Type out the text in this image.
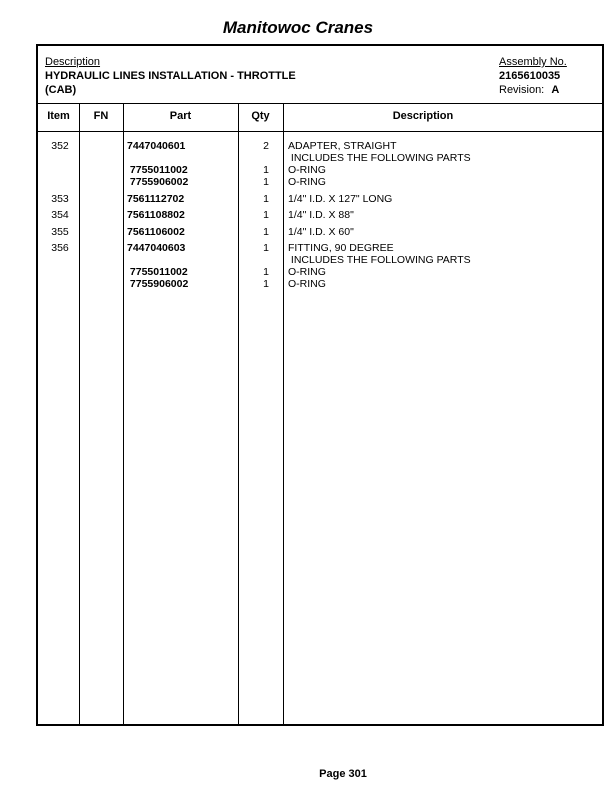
Manitowoc Cranes
Description
HYDRAULIC LINES INSTALLATION - THROTTLE
(CAB)
Assembly No.
2165610035
Revision: A
Item	FN	Part	Qty	Description
352	7447040601	2	ADAPTER, STRAIGHT
INCLUDES THE FOLLOWING PARTS
7755011002	1	O-RING
7755906002	1	O-RING
353	7561112702	1	1/4" I.D. X 127" LONG
354	7561108802	1	1/4" I.D. X 88"
355	7561106002	1	1/4" I.D. X 60"
356	7447040603	1	FITTING, 90 DEGREE
INCLUDES THE FOLLOWING PARTS
7755011002	1	O-RING
7755906002	1	O-RING
Page 301
